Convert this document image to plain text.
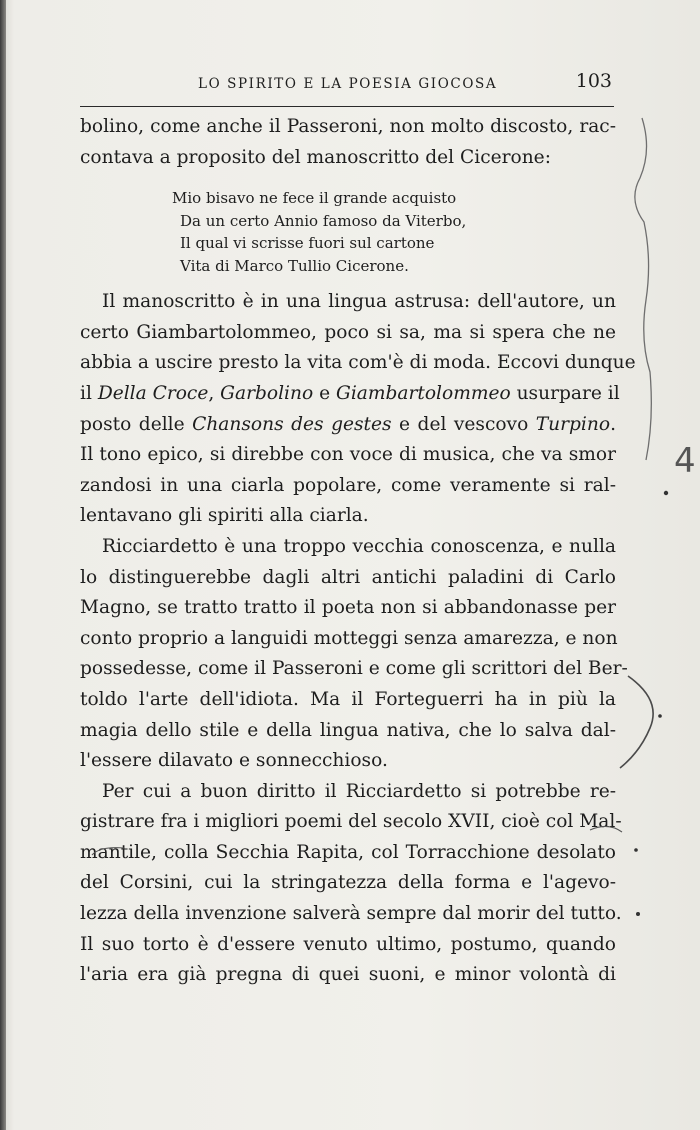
LO SPIRITO E LA POESIA GIOCOSA	103
bolino, come anche il Passeroni, non molto discosto, rac-
contava a proposito del manoscritto del Cicerone:
Mio bisavo ne fece il grande acquisto
Da un certo Annio famoso da Viterbo,
Il qual vi scrisse fuori sul cartone
Vita di Marco Tullio Cicerone.
Il manoscritto è in una lingua astrusa: dell'autore, un
certo Giambartolommeo, poco si sa, ma si spera che ne
abbia a uscire presto la vita com'è di moda. Eccovi dunque
il Della Croce, Garbolino e Giambartolommeo usurpare il
posto delle Chansons des gestes e del vescovo Turpino.
Il tono epico, si direbbe con voce di musica, che va smor
zandosi in una ciarla popolare, come veramente si ral-
lentavano gli spiriti alla ciarla.
Ricciardetto è una troppo vecchia conoscenza, e nulla
lo distinguerebbe dagli altri antichi paladini di Carlo
Magno, se tratto tratto il poeta non si abbandonasse per
conto proprio a languidi motteggi senza amarezza, e non
possedesse, come il Passeroni e come gli scrittori del Ber-
toldo l'arte dell'idiota. Ma il Forteguerri ha in più la
magia dello stile e della lingua nativa, che lo salva dal-
l'essere dilavato e sonnecchioso.
Per cui a buon diritto il Ricciardetto si potrebbe re-
gistrare fra i migliori poemi del secolo XVII, cioè col Mal-
mantile, colla Secchia Rapita, col Torracchione desolato
del Corsini, cui la stringatezza della forma e l'agevo-
lezza della invenzione salverà sempre dal morir del tutto.
Il suo torto è d'essere venuto ultimo, postumo, quando
l'aria era già pregna di quei suoni, e minor volontà di
4
